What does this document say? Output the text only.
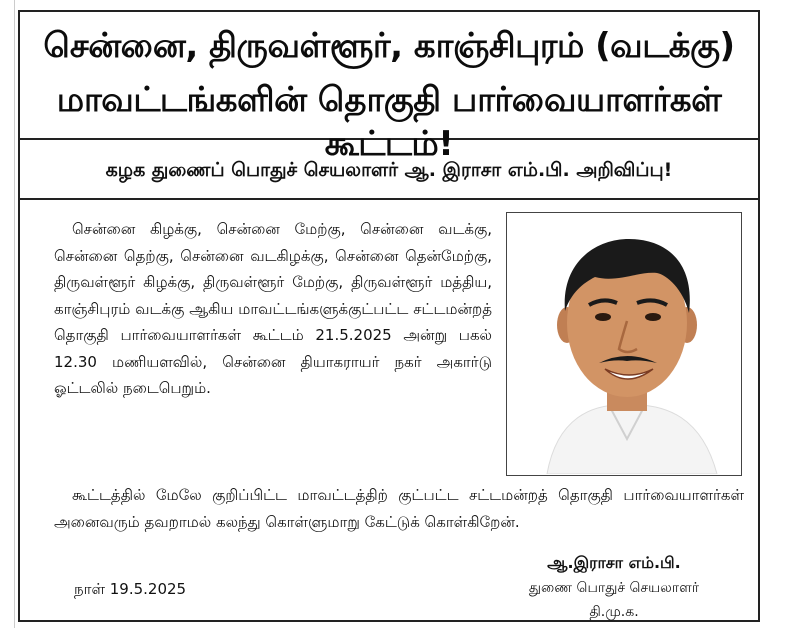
சென்னை, திருவள்ளூர், காஞ்சிபுரம் (வடக்கு)
மாவட்டங்களின் தொகுதி பார்வையாளர்கள் கூட்டம்!
கழக துணைப் பொதுச் செயலாளர் ஆ. இராசா எம்.பி. அறிவிப்பு!

சென்னை கிழக்கு, சென்னை மேற்கு, சென்னை வடக்கு, சென்னை தெற்கு, சென்னை வடகிழக்கு, சென்னை தென்மேற்கு, திருவள்ளூர் கிழக்கு, திருவள்ளூர் மேற்கு, திருவள்ளூர் மத்திய, காஞ்சிபுரம் வடக்கு ஆகிய மாவட்டங்களுக்குட்பட்ட சட்டமன்றத் தொகுதி பார்வையாளர்கள் கூட்டம் 21.5.2025 அன்று பகல் 12.30 மணியளவில், சென்னை தியாகராயர் நகர் அகார்டு ஓட்டலில் நடைபெறும்.

கூட்டத்தில் மேலே குறிப்பிட்ட மாவட்டத்திற் குட்பட்ட சட்டமன்றத் தொகுதி பார்வையாளர்கள் அனைவரும் தவறாமல் கலந்து கொள்ளுமாறு கேட்டுக் கொள்கிறேன்.

நாள் 19.5.2025
ஆ.இராசா எம்.பி.
துணை பொதுச் செயலாளர்
தி.மு.க.
